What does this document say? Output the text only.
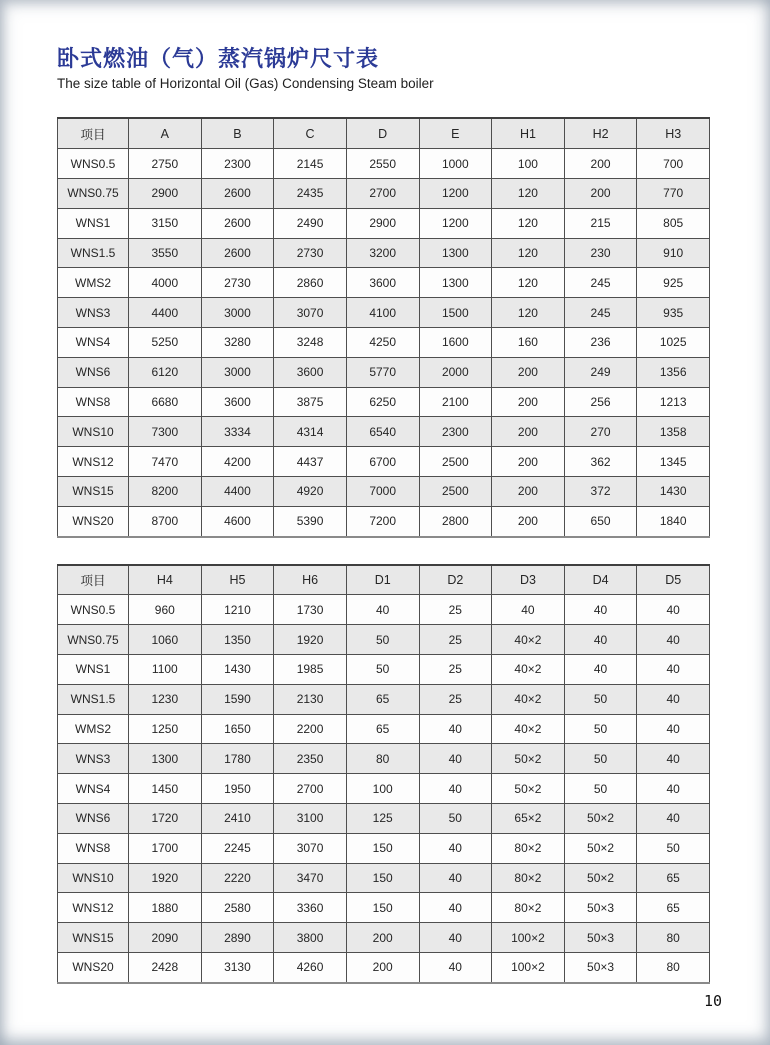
卧式燃油（气）蒸汽锅炉尺寸表
The size table of Horizontal Oil (Gas) Condensing Steam boiler
项目	A	B	C	D	E	H1	H2	H3
WNS0.5	2750	2300	2145	2550	1000	100	200	700
WNS0.75	2900	2600	2435	2700	1200	120	200	770
WNS1	3150	2600	2490	2900	1200	120	215	805
WNS1.5	3550	2600	2730	3200	1300	120	230	910
WMS2	4000	2730	2860	3600	1300	120	245	925
WNS3	4400	3000	3070	4100	1500	120	245	935
WNS4	5250	3280	3248	4250	1600	160	236	1025
WNS6	6120	3000	3600	5770	2000	200	249	1356
WNS8	6680	3600	3875	6250	2100	200	256	1213
WNS10	7300	3334	4314	6540	2300	200	270	1358
WNS12	7470	4200	4437	6700	2500	200	362	1345
WNS15	8200	4400	4920	7000	2500	200	372	1430
WNS20	8700	4600	5390	7200	2800	200	650	1840
项目	H4	H5	H6	D1	D2	D3	D4	D5
WNS0.5	960	1210	1730	40	25	40	40	40
WNS0.75	1060	1350	1920	50	25	40×2	40	40
WNS1	1100	1430	1985	50	25	40×2	40	40
WNS1.5	1230	1590	2130	65	25	40×2	50	40
WMS2	1250	1650	2200	65	40	40×2	50	40
WNS3	1300	1780	2350	80	40	50×2	50	40
WNS4	1450	1950	2700	100	40	50×2	50	40
WNS6	1720	2410	3100	125	50	65×2	50×2	40
WNS8	1700	2245	3070	150	40	80×2	50×2	50
WNS10	1920	2220	3470	150	40	80×2	50×2	65
WNS12	1880	2580	3360	150	40	80×2	50×3	65
WNS15	2090	2890	3800	200	40	100×2	50×3	80
WNS20	2428	3130	4260	200	40	100×2	50×3	80
10
